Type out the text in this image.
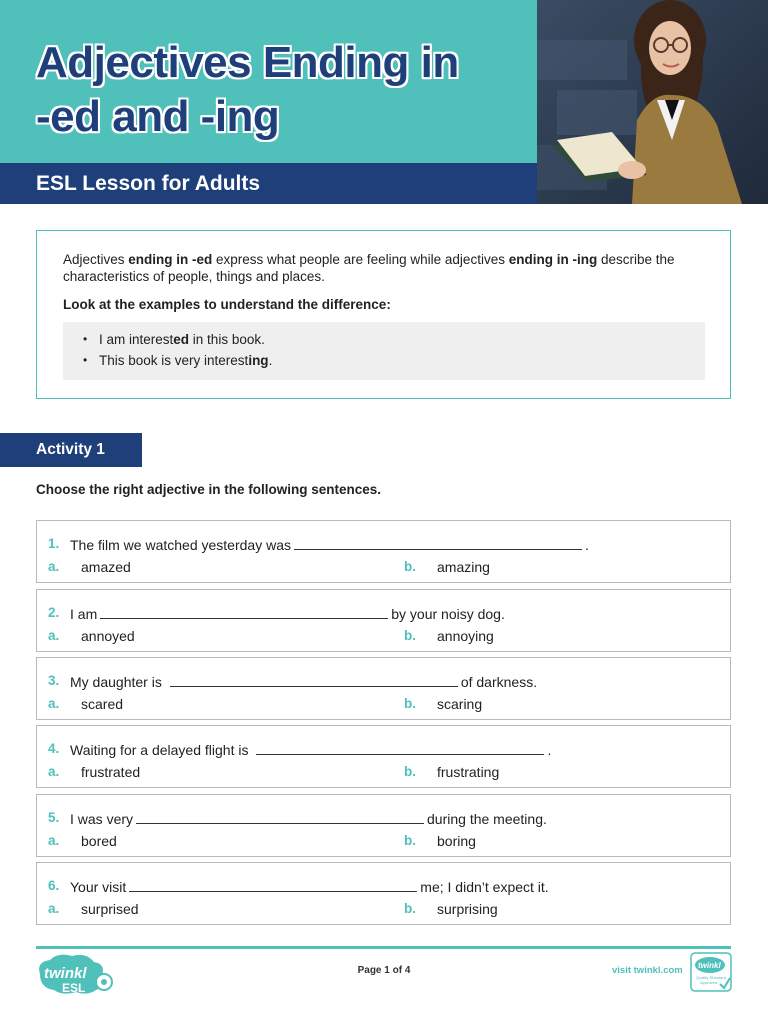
Adjectives Ending in
-ed and -ing
ESL Lesson for Adults

Adjectives ending in -ed express what people are feeling while adjectives ending in -ing describe the characteristics of people, things and places.

Look at the examples to understand the difference:

• I am interested in this book.
• This book is very interesting.
Activity 1

Choose the right adjective in the following sentences.

1. The film we watched yesterday was	.
a. amazed	b. amazing
2. I am	by your noisy dog.
a. annoyed	b. annoying
3. My daughter is	of darkness.
a. scared	b. scaring
4. Waiting for a delayed flight is	.
a. frustrated	b. frustrating
5. I was very	during the meeting.
a. bored	b. boring
6. Your visit	me; I didn’t expect it.
a. surprised	b. surprising
twinkl
ESL
Page 1 of 4	visit twinkl.com twinkl
Quality Standard
Approved
